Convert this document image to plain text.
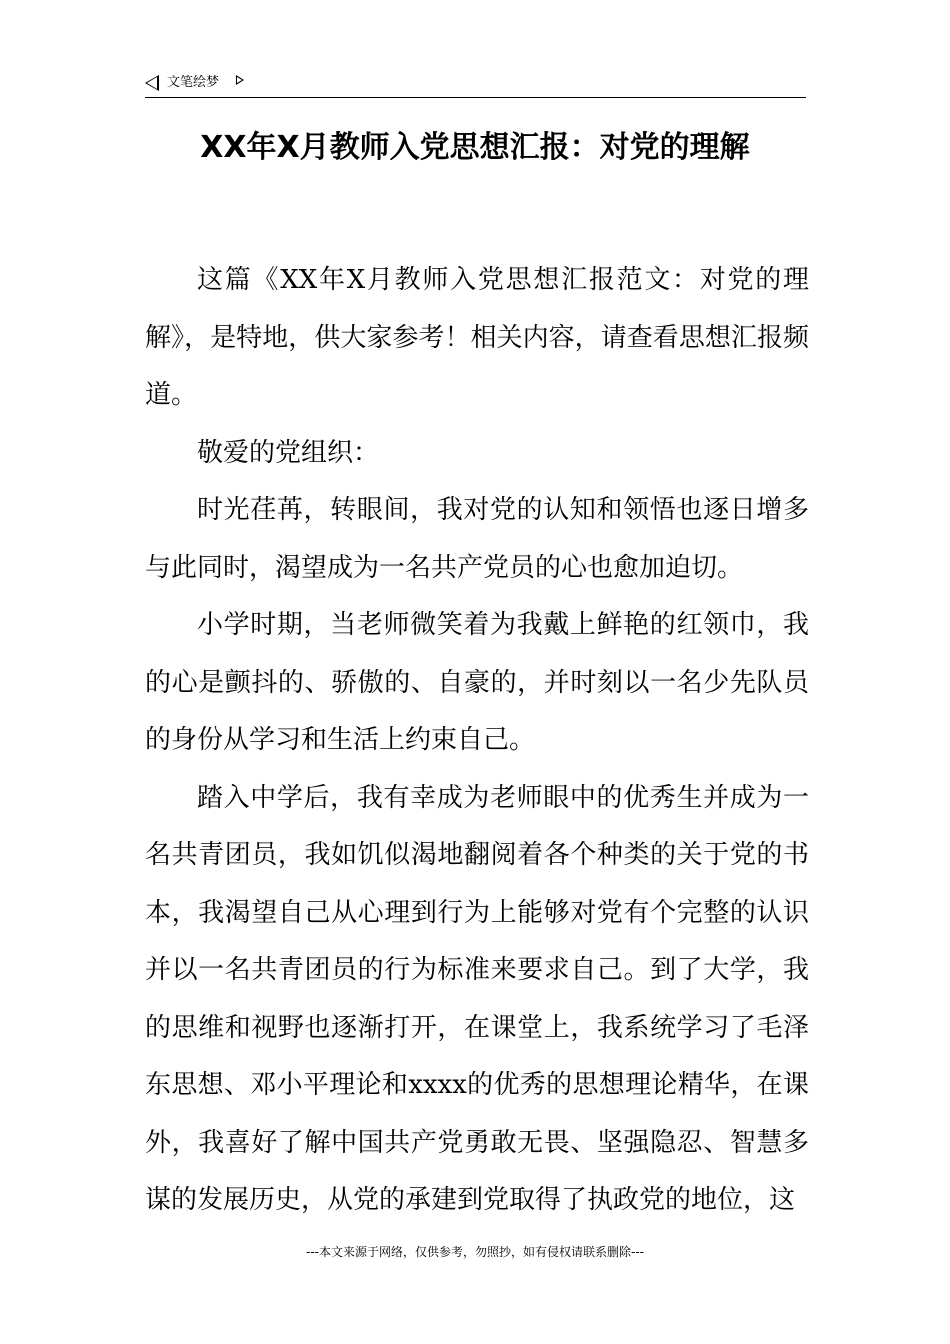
文笔绘梦
XX年X月教师入党思想汇报：对党的理解

这篇《XX年X月教师入党思想汇报范文：对党的理解》，是特地，供大家参考！相关内容，请查看思想汇报频道。

敬爱的党组织：

时光荏苒，转眼间，我对党的认知和领悟也逐日增多与此同时，渴望成为一名共产党员的心也愈加迫切。

小学时期，当老师微笑着为我戴上鲜艳的红领巾，我的心是颤抖的、骄傲的、自豪的，并时刻以一名少先队员的身份从学习和生活上约束自己。

踏入中学后，我有幸成为老师眼中的优秀生并成为一名共青团员，我如饥似渴地翻阅着各个种类的关于党的书本，我渴望自己从心理到行为上能够对党有个完整的认识并以一名共青团员的行为标准来要求自己。到了大学，我的思维和视野也逐渐打开，在课堂上，我系统学习了毛泽东思想、邓小平理论和xxxx的优秀的思想理论精华，在课外，我喜好了解中国共产党勇敢无畏、坚强隐忍、智慧多谋的发展历史，从党的承建到党取得了执政党的地位，这

---本文来源于网络，仅供参考，勿照抄，如有侵权请联系删除---
